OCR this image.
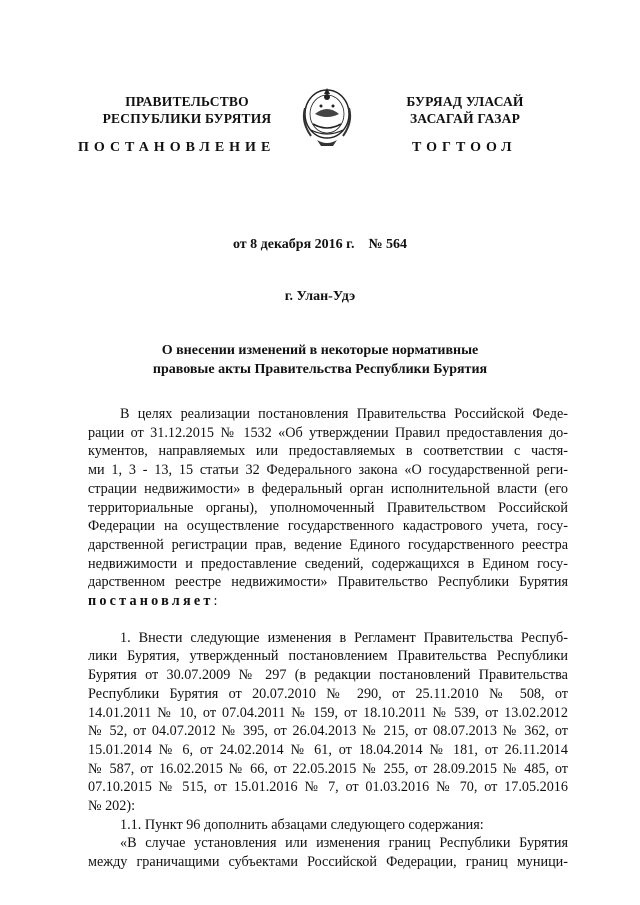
ПРАВИТЕЛЬСТВО
РЕСПУБЛИКИ БУРЯТИЯ
ПОСТАНОВЛЕНИЕ
БУРЯАД УЛАСАЙ
ЗАСАГАЙ ГАЗАР
ТОГТООЛ
от 8 декабря 2016 г. № 564
г. Улан-Удэ
О внесении изменений в некоторые нормативные
правовые акты Правительства Республики Бурятия

В целях реализации постановления Правительства Российской Феде-

рации от 31.12.2015 № 1532 «Об утверждении Правил предоставления до-

кументов, направляемых или предоставляемых в соответствии с частя-

ми 1, 3 - 13, 15 статьи 32 Федерального закона «О государственной реги-

страции недвижимости» в федеральный орган исполнительной власти (его

территориальные органы), уполномоченный Правительством Российской

Федерации на осуществление государственного кадастрового учета, госу-

дарственной регистрации прав, ведение Единого государственного реестра

недвижимости и предоставление сведений, содержащихся в Едином госу-

дарственном реестре недвижимости» Правительство Республики Бурятия

постановляет:

1. Внести следующие изменения в Регламент Правительства Респуб-

лики Бурятия, утвержденный постановлением Правительства Республики

Бурятия от 30.07.2009 № 297 (в редакции постановлений Правительства

Республики Бурятия от 20.07.2010 № 290, от 25.11.2010 № 508, от

14.01.2011 № 10, от 07.04.2011 № 159, от 18.10.2011 № 539, от 13.02.2012

№ 52, от 04.07.2012 № 395, от 26.04.2013 № 215, от 08.07.2013 № 362, от

15.01.2014 № 6, от 24.02.2014 № 61, от 18.04.2014 № 181, от 26.11.2014

№ 587, от 16.02.2015 № 66, от 22.05.2015 № 255, от 28.09.2015 № 485, от

07.10.2015 № 515, от 15.01.2016 № 7, от 01.03.2016 № 70, от 17.05.2016

№ 202):

1.1. Пункт 96 дополнить абзацами следующего содержания:

«В случае установления или изменения границ Республики Бурятия

между граничащими субъектами Российской Федерации, границ муници-
